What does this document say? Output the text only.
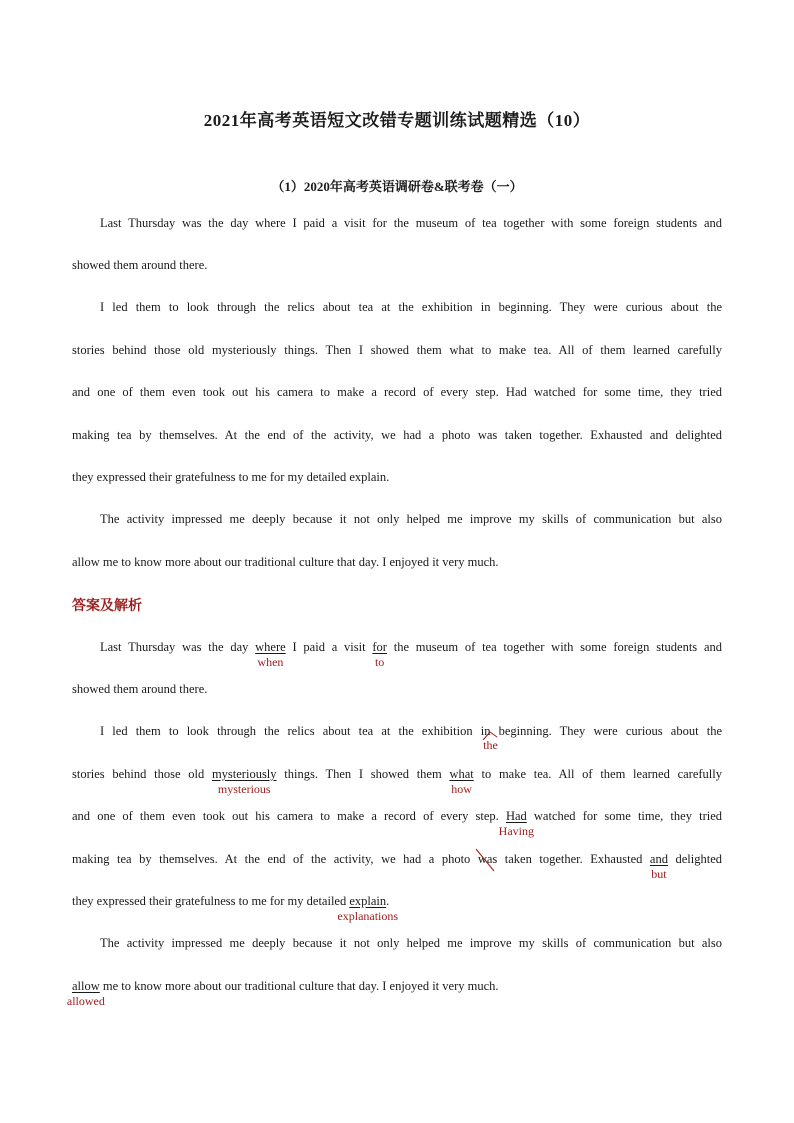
2021年高考英语短文改错专题训练试题精选（10）
（1）2020年高考英语调研卷&联考卷（一）
Last Thursday was the day where I paid a visit for the museum of tea together with some foreign students and
showed them around there.
I led them to look through the relics about tea at the exhibition in beginning. They were curious about the
stories behind those old mysteriously things. Then I showed them what to make tea. All of them learned carefully
and one of them even took out his camera to make a record of every step. Had watched for some time, they tried
making tea by themselves. At the end of the activity, we had a photo was taken together. Exhausted and delighted
they expressed their gratefulness to me for my detailed explain.
The activity impressed me deeply because it not only helped me improve my skills of communication but also
allow me to know more about our traditional culture that day. I enjoyed it very much.
答案及解析
Last Thursday was the day where
when
I paid a visit for
to
the museum of tea together with some foreign students and
showed them around there.
I led them to look through the relics about tea at the exhibition in
the
beginning. They were curious about the
stories behind those old mysteriously
mysterious
things. Then I showed them what
how
to make tea. All of them learned carefully
and one of them even took out his camera to make a record of every step. Had
Having
watched for some time, they tried
making tea by themselves. At the end of the activity, we had a photo was
taken together. Exhausted and
but
delighted
they expressed their gratefulness to me for my detailed explain
explanations
.
The activity impressed me deeply because it not only helped me improve my skills of communication but also
allow
allowed
me to know more about our traditional culture that day. I enjoyed it very much.
